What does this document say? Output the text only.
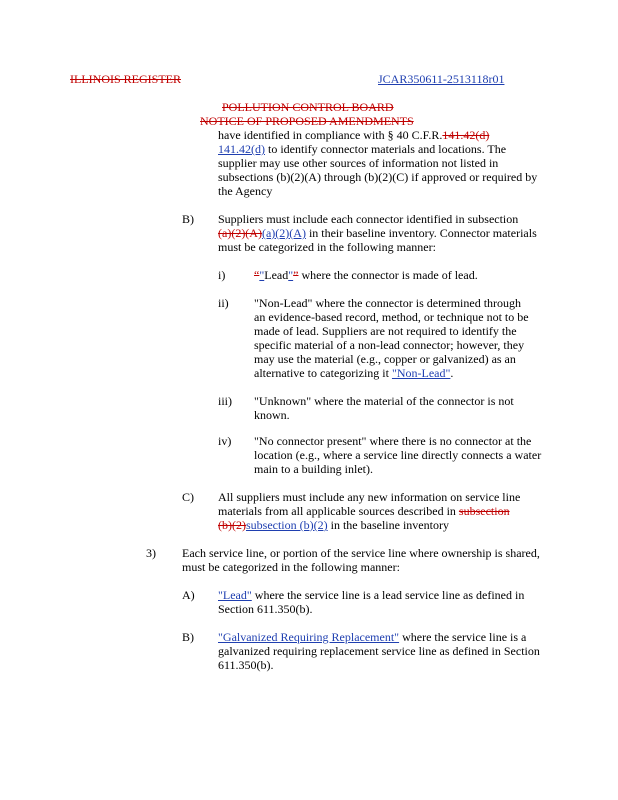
ILLINOIS REGISTER	JCAR350611-2513118r01
POLLUTION CONTROL BOARD
NOTICE OF PROPOSED AMENDMENTS
have identified in compliance with § 40 C.F.R.141.42(d)
141.42(d) to identify connector materials and locations. The
supplier may use other sources of information not listed in
subsections (b)(2)(A) through (b)(2)(C) if approved or required by
the Agency
B) Suppliers must include each connector identified in subsection
(a)(2)(A)(a)(2)(A) in their baseline inventory. Connector materials
must be categorized in the following manner:
i) “"Lead"” where the connector is made of lead.
ii) "Non-Lead" where the connector is determined through
an evidence-based record, method, or technique not to be
made of lead. Suppliers are not required to identify the
specific material of a non-lead connector; however, they
may use the material (e.g., copper or galvanized) as an
alternative to categorizing it "Non-Lead".
iii) "Unknown" where the material of the connector is not
known.
iv) "No connector present" where there is no connector at the
location (e.g., where a service line directly connects a water
main to a building inlet).
C) All suppliers must include any new information on service line
materials from all applicable sources described in subsection
(b)(2)subsection (b)(2) in the baseline inventory
3) Each service line, or portion of the service line where ownership is shared,
must be categorized in the following manner:
A) "Lead" where the service line is a lead service line as defined in
Section 611.350(b).
B) "Galvanized Requiring Replacement" where the service line is a
galvanized requiring replacement service line as defined in Section
611.350(b).
